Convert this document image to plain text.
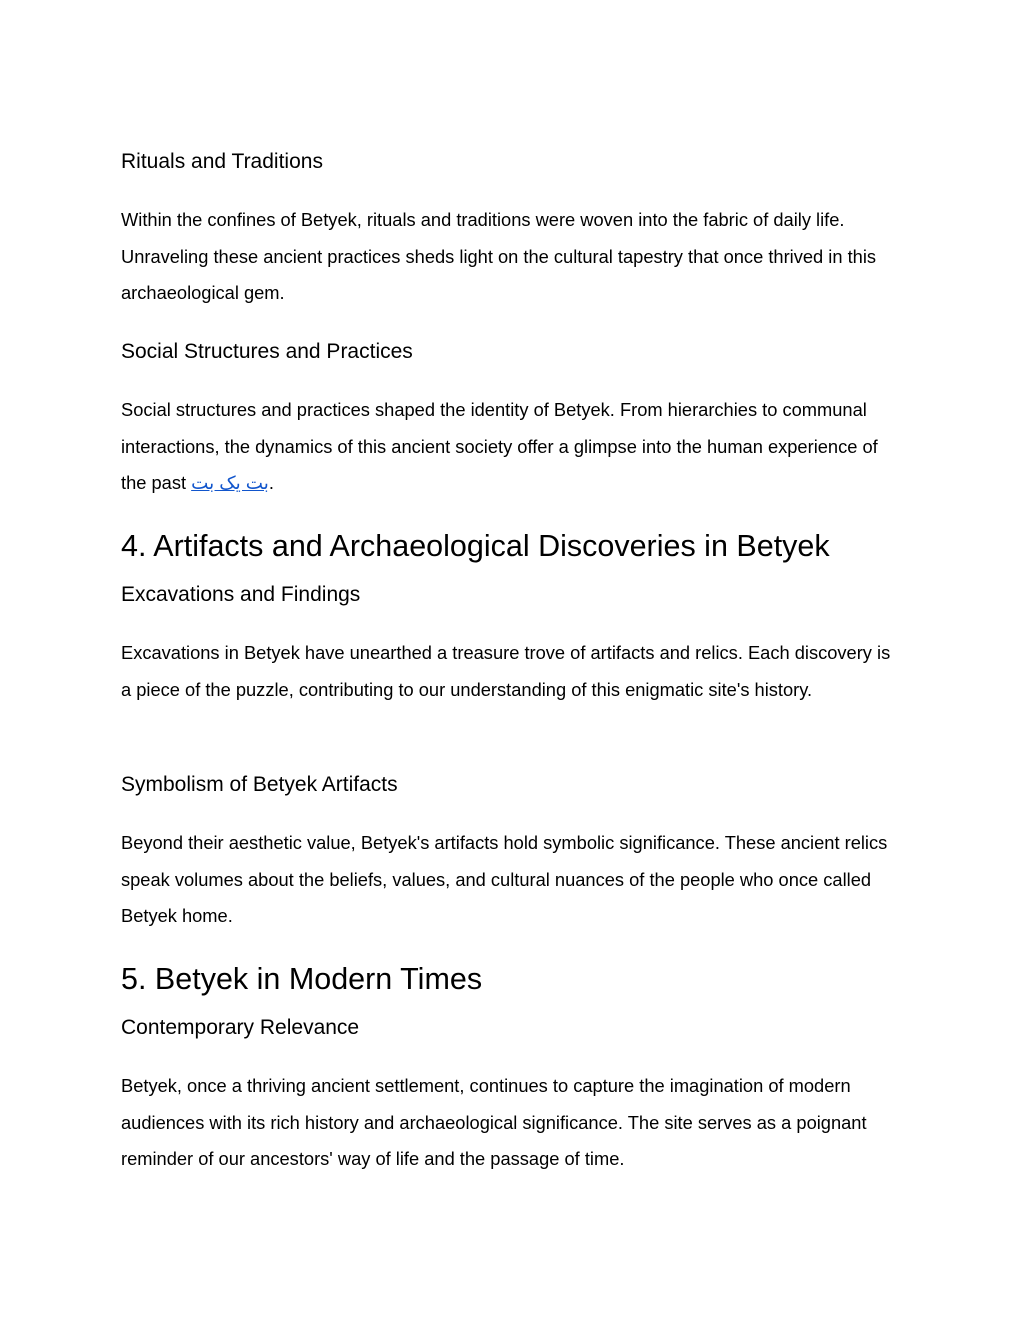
Rituals and Traditions
Within the confines of Betyek, rituals and traditions were woven into the fabric of daily life. Unraveling these ancient practices sheds light on the cultural tapestry that once thrived in this archaeological gem.
Social Structures and Practices
Social structures and practices shaped the identity of Betyek. From hierarchies to communal interactions, the dynamics of this ancient society offer a glimpse into the human experience of the past بت یک بت.
4. Artifacts and Archaeological Discoveries in Betyek
Excavations and Findings
Excavations in Betyek have unearthed a treasure trove of artifacts and relics. Each discovery is a piece of the puzzle, contributing to our understanding of this enigmatic site's history.
Symbolism of Betyek Artifacts
Beyond their aesthetic value, Betyek's artifacts hold symbolic significance. These ancient relics speak volumes about the beliefs, values, and cultural nuances of the people who once called Betyek home.
5. Betyek in Modern Times
Contemporary Relevance
Betyek, once a thriving ancient settlement, continues to capture the imagination of modern audiences with its rich history and archaeological significance. The site serves as a poignant reminder of our ancestors' way of life and the passage of time.
